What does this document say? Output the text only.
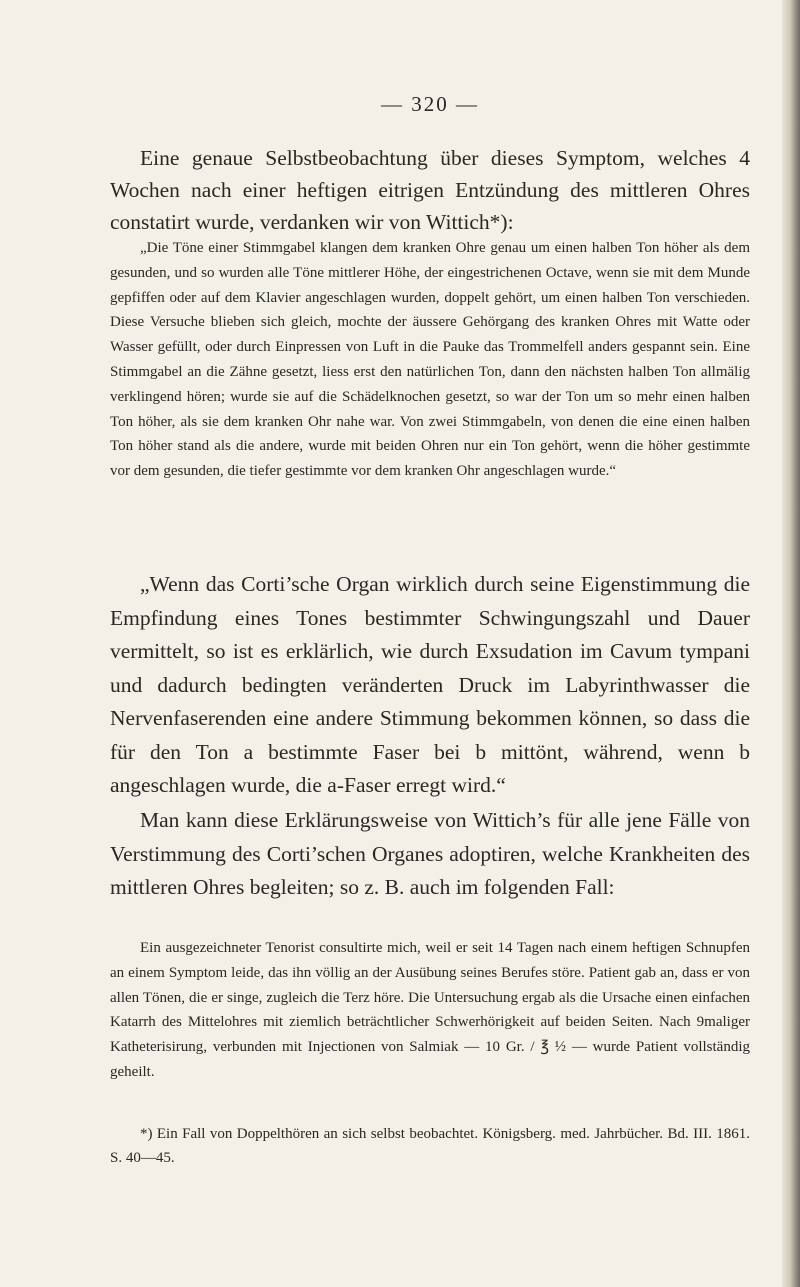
— 320 —

Eine genaue Selbstbeobachtung über dieses Symptom, welches 4 Wochen nach einer heftigen eitrigen Entzündung des mittleren Ohres constatirt wurde, verdanken wir von Wittich*):

„Die Töne einer Stimmgabel klangen dem kranken Ohre genau um einen halben Ton höher als dem gesunden, und so wurden alle Töne mittlerer Höhe, der eingestrichenen Octave, wenn sie mit dem Munde gepfiffen oder auf dem Klavier angeschlagen wurden, doppelt gehört, um einen halben Ton verschieden. Diese Versuche blieben sich gleich, mochte der äussere Gehörgang des kranken Ohres mit Watte oder Wasser gefüllt, oder durch Einpressen von Luft in die Pauke das Trommelfell anders gespannt sein. Eine Stimmgabel an die Zähne gesetzt, liess erst den natürlichen Ton, dann den nächsten halben Ton allmälig verklingend hören; wurde sie auf die Schädelknochen gesetzt, so war der Ton um so mehr einen halben Ton höher, als sie dem kranken Ohr nahe war. Von zwei Stimmgabeln, von denen die eine einen halben Ton höher stand als die andere, wurde mit beiden Ohren nur ein Ton gehört, wenn die höher gestimmte vor dem gesunden, die tiefer gestimmte vor dem kranken Ohr angeschlagen wurde.“

„Wenn das Corti’sche Organ wirklich durch seine Eigenstimmung die Empfindung eines Tones bestimmter Schwingungszahl und Dauer vermittelt, so ist es erklärlich, wie durch Exsudation im Cavum tympani und dadurch bedingten veränderten Druck im Labyrinthwasser die Nervenfaserenden eine andere Stimmung bekommen können, so dass die für den Ton a bestimmte Faser bei b mittönt, während, wenn b angeschlagen wurde, die a-Faser erregt wird.“

Man kann diese Erklärungsweise von Wittich’s für alle jene Fälle von Verstimmung des Corti’schen Organes adoptiren, welche Krankheiten des mittleren Ohres begleiten; so z. B. auch im folgenden Fall:

Ein ausgezeichneter Tenorist consultirte mich, weil er seit 14 Tagen nach einem heftigen Schnupfen an einem Symptom leide, das ihn völlig an der Ausübung seines Berufes störe. Patient gab an, dass er von allen Tönen, die er singe, zugleich die Terz höre. Die Untersuchung ergab als die Ursache einen einfachen Katarrh des Mittelohres mit ziemlich beträchtlicher Schwerhörigkeit auf beiden Seiten. Nach 9maliger Katheterisirung, verbunden mit Injectionen von Salmiak — 10 Gr. / ℥ ½ — wurde Patient vollständig geheilt.

*) Ein Fall von Doppelthören an sich selbst beobachtet. Königsberg. med. Jahrbücher. Bd. III. 1861. S. 40—45.
